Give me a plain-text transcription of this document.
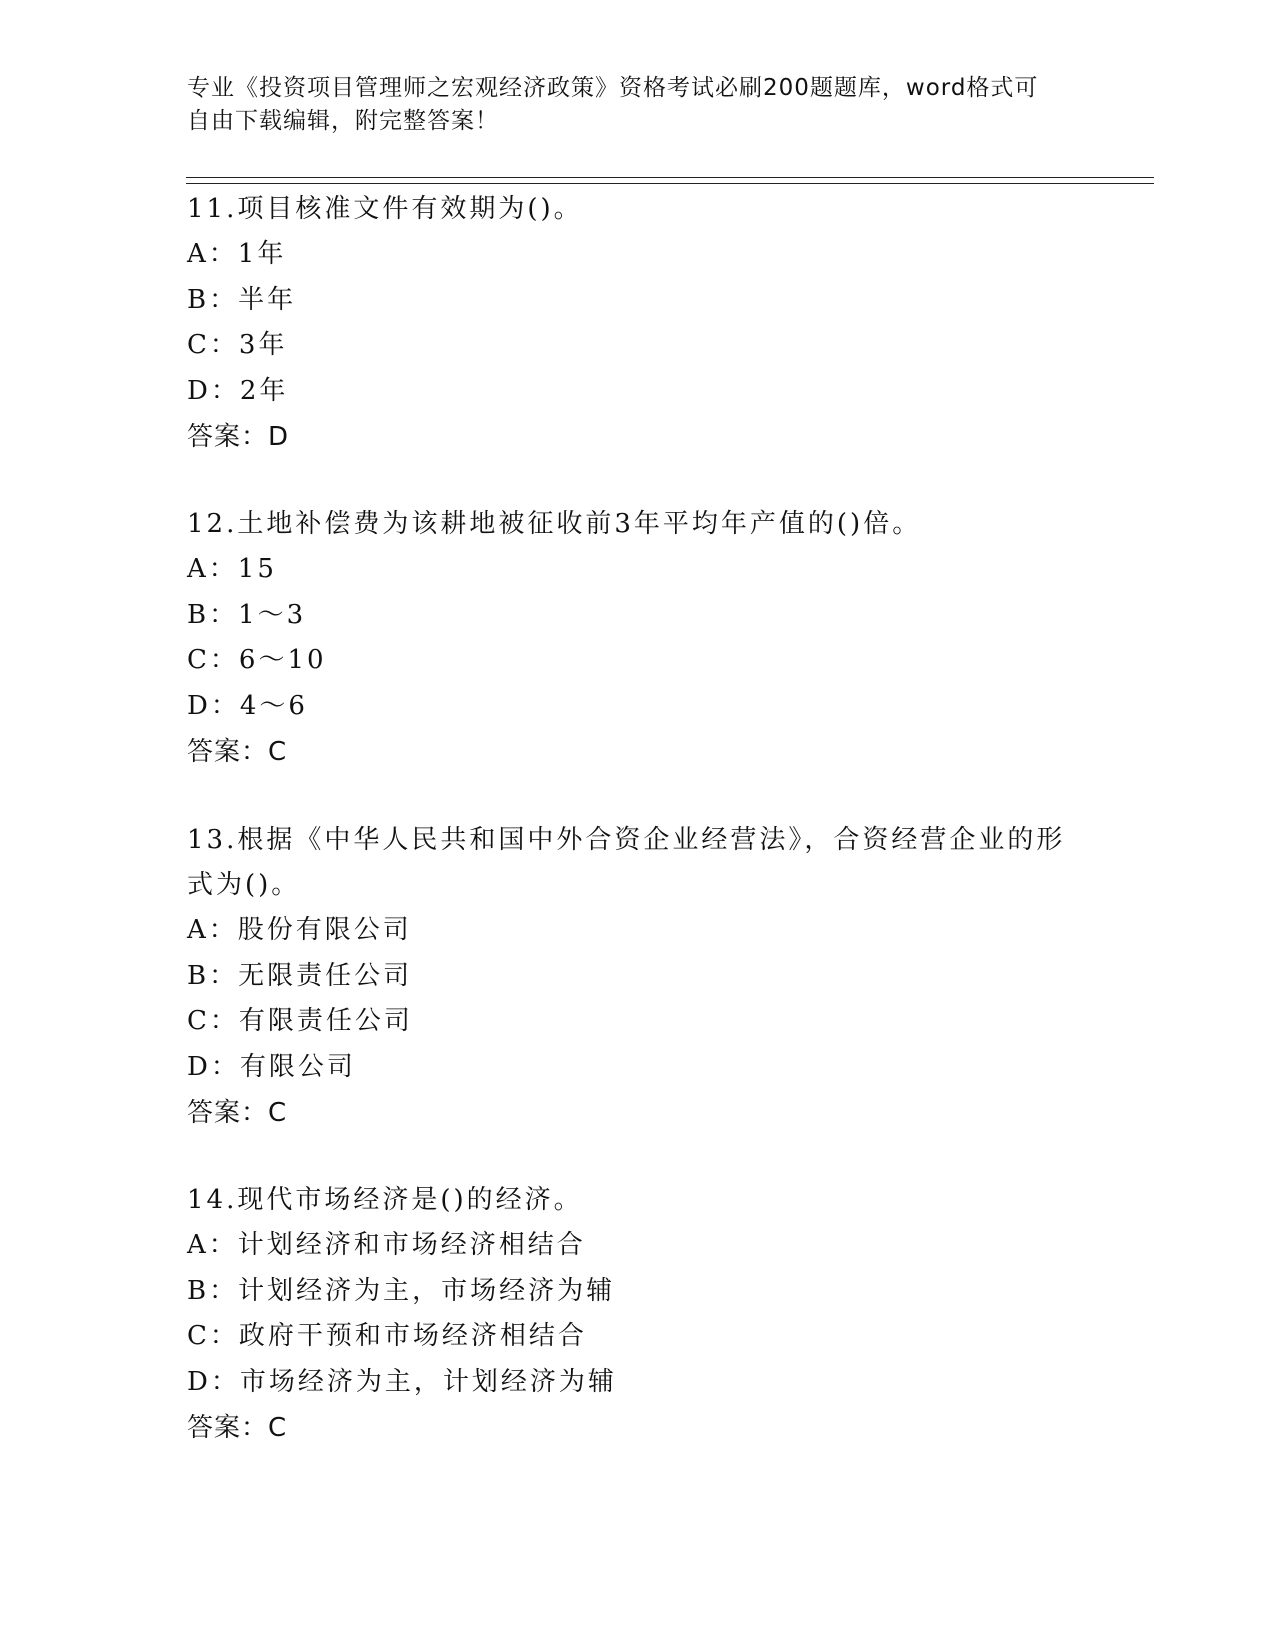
专业《投资项目管理师之宏观经济政策》资格考试必刷200题题库，word格式可
自由下载编辑，附完整答案！

11.项目核准文件有效期为()。

A：1年

B：半年

C：3年

D：2年

答案：D

12.土地补偿费为该耕地被征收前3年平均年产值的()倍。

A：15

B：1～3

C：6～10

D：4～6

答案：C

13.根据《中华人民共和国中外合资企业经营法》，合资经营企业的形

式为()。

A：股份有限公司

B：无限责任公司

C：有限责任公司

D：有限公司

答案：C

14.现代市场经济是()的经济。

A：计划经济和市场经济相结合

B：计划经济为主，市场经济为辅

C：政府干预和市场经济相结合

D：市场经济为主，计划经济为辅

答案：C
